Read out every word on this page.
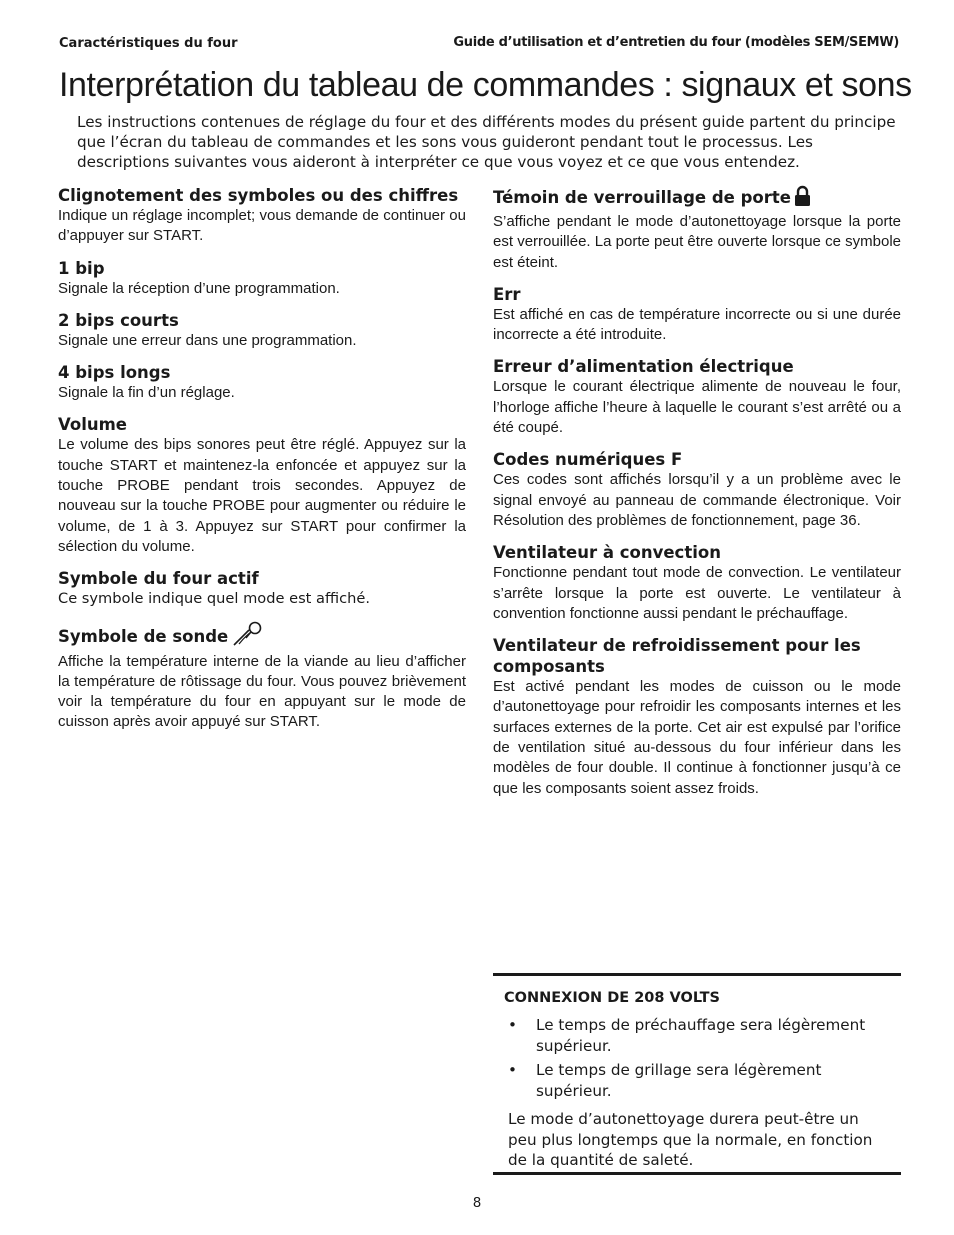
Caractéristiques du four	Guide d’utilisation et d’entretien du four (modèles SEM/SEMW)
Interprétation du tableau de commandes : signaux et sons

Les instructions contenues de réglage du four et des différents modes du présent guide partent du principe que l’écran du tableau de commandes et les sons vous guideront pendant tout le processus. Les descriptions suivantes vous aideront à interpréter ce que vous voyez et ce que vous entendez.

Clignotement des symboles ou des chiffres

Indique un réglage incomplet; vous demande de continuer ou d’appuyer sur START.

1 bip

Signale la réception d’une programmation.

2 bips courts

Signale une erreur dans une programmation.

4 bips longs

Signale la fin d’un réglage.

Volume

Le volume des bips sonores peut être réglé. Appuyez sur la touche START et maintenez-la enfoncée et appuyez sur la touche PROBE pendant trois secondes. Appuyez de nouveau sur la touche PROBE pour augmenter ou réduire le volume, de 1 à 3. Appuyez sur START pour confirmer la sélection du volume.

Symbole du four actif

Ce symbole indique quel mode est affiché.

Symbole de sonde

Affiche la température interne de la viande au lieu d’afficher la température de rôtissage du four. Vous pouvez brièvement voir la température du four en appuyant sur le mode de cuisson après avoir appuyé sur START.

Témoin de verrouillage de porte

S’affiche pendant le mode d’autonettoyage lorsque la porte est verrouillée. La porte peut être ouverte lorsque ce symbole est éteint.

Err

Est affiché en cas de température incorrecte ou si une durée incorrecte a été introduite.

Erreur d’alimentation électrique

Lorsque le courant électrique alimente de nouveau le four, l’horloge affiche l’heure à laquelle le courant s’est arrêté ou a été coupé.

Codes numériques F

Ces codes sont affichés lorsqu’il y a un problème avec le signal envoyé au panneau de commande électronique. Voir Résolution des problèmes de fonctionnement, page 36.

Ventilateur à convection

Fonctionne pendant tout mode de convection. Le ventilateur s’arrête lorsque la porte est ouverte. Le ventilateur à convention fonctionne aussi pendant le préchauffage.

Ventilateur de refroidissement pour les composants

Est activé pendant les modes de cuisson ou le mode d’autonettoyage pour refroidir les composants internes et les surfaces externes de la porte. Cet air est expulsé par l’orifice de ventilation situé au-dessous du four inférieur dans les modèles de four double. Il continue à fonctionner jusqu’à ce que les composants soient assez froids.

CONNEXION DE 208 VOLTS
• Le temps de préchauffage sera légèrement supérieur.
• Le temps de grillage sera légèrement supérieur.

Le mode d’autonettoyage durera peut-être un peu plus longtemps que la normale, en fonction de la quantité de saleté.

8
